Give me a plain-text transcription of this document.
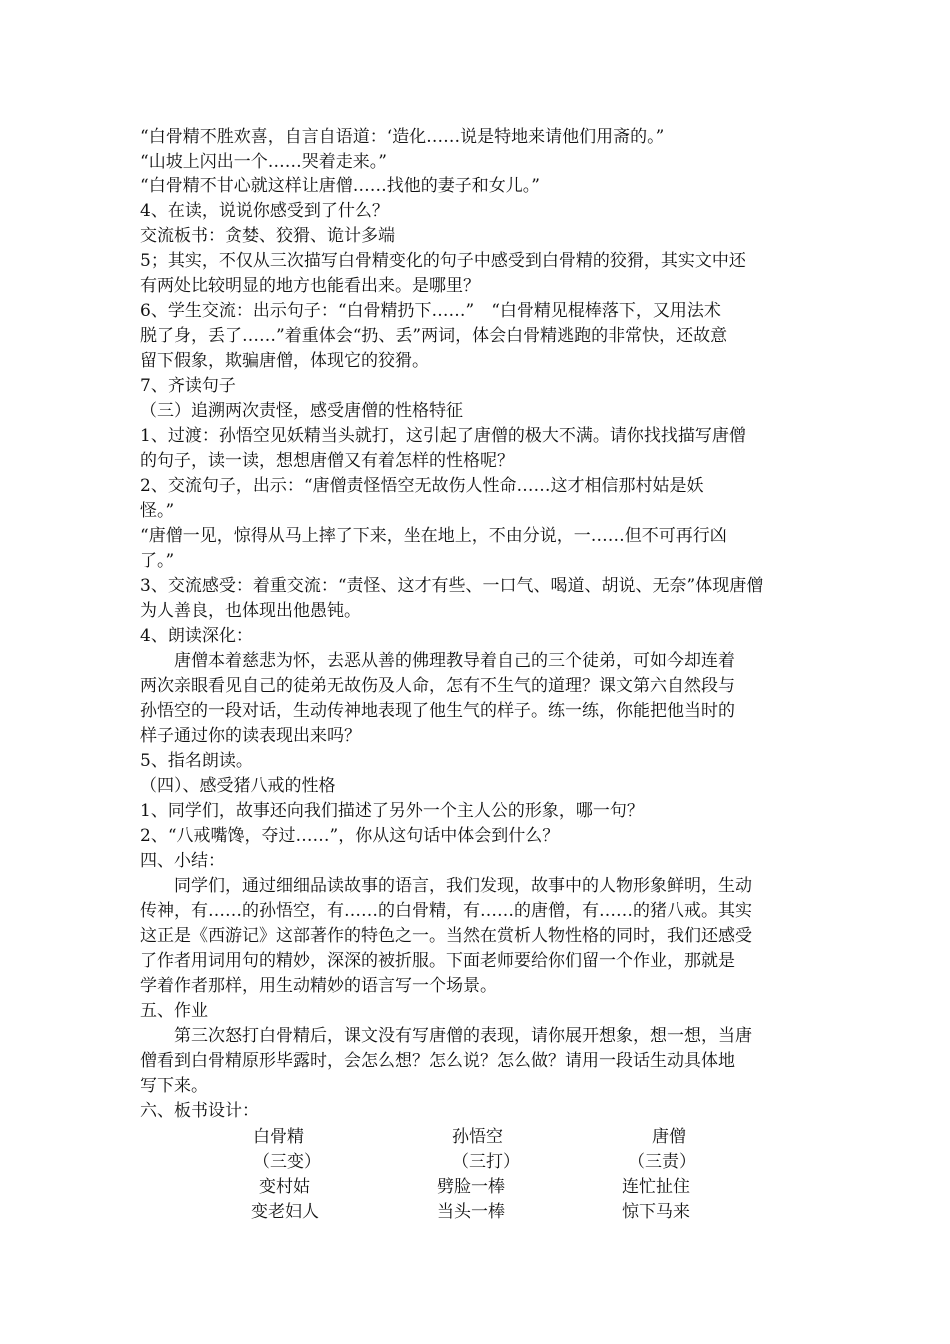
“白骨精不胜欢喜，自言自语道：‘造化……说是特地来请他们用斋的。”
“山坡上闪出一个……哭着走来。”
“白骨精不甘心就这样让唐僧……找他的妻子和女儿。”
4、在读，说说你感受到了什么？
交流板书：贪婪、狡猾、诡计多端
5；其实，不仅从三次描写白骨精变化的句子中感受到白骨精的狡猾，其实文中还
有两处比较明显的地方也能看出来。是哪里？
6、学生交流：出示句子：“白骨精扔下……”　“白骨精见棍棒落下，又用法术
脱了身，丢了……”着重体会“扔、丢”两词，体会白骨精逃跑的非常快，还故意
留下假象，欺骗唐僧，体现它的狡猾。
7、齐读句子
（三）追溯两次责怪，感受唐僧的性格特征
1、过渡：孙悟空见妖精当头就打，这引起了唐僧的极大不满。请你找找描写唐僧
的句子，读一读，想想唐僧又有着怎样的性格呢？
2、交流句子，出示：“唐僧责怪悟空无故伤人性命……这才相信那村姑是妖
怪。”
“唐僧一见，惊得从马上摔了下来，坐在地上，不由分说，一……但不可再行凶
了。”
3、交流感受：着重交流：“责怪、这才有些、一口气、喝道、胡说、无奈”体现唐僧
为人善良，也体现出他愚钝。
4、朗读深化：
　　唐僧本着慈悲为怀，去恶从善的佛理教导着自己的三个徒弟，可如今却连着
两次亲眼看见自己的徒弟无故伤及人命，怎有不生气的道理？课文第六自然段与
孙悟空的一段对话，生动传神地表现了他生气的样子。练一练，你能把他当时的
样子通过你的读表现出来吗？
5、指名朗读。
（四）、感受猪八戒的性格
1、同学们，故事还向我们描述了另外一个主人公的形象，哪一句？
2、“八戒嘴馋，夺过……”，你从这句话中体会到什么？
四、小结：
　　同学们，通过细细品读故事的语言，我们发现，故事中的人物形象鲜明，生动
传神，有……的孙悟空，有……的白骨精，有……的唐僧，有……的猪八戒。其实
这正是《西游记》这部著作的特色之一。当然在赏析人物性格的同时，我们还感受
了作者用词用句的精妙，深深的被折服。下面老师要给你们留一个作业，那就是
学着作者那样，用生动精妙的语言写一个场景。
五、作业
　　第三次怒打白骨精后，课文没有写唐僧的表现，请你展开想象，想一想，当唐
僧看到白骨精原形毕露时，会怎么想？怎么说？怎么做？请用一段话生动具体地
写下来。
六、板书设计：
白骨精
（三变）
变村姑
变老妇人
孙悟空
（三打）
劈脸一棒
当头一棒
唐僧
（三责）
连忙扯住
惊下马来
